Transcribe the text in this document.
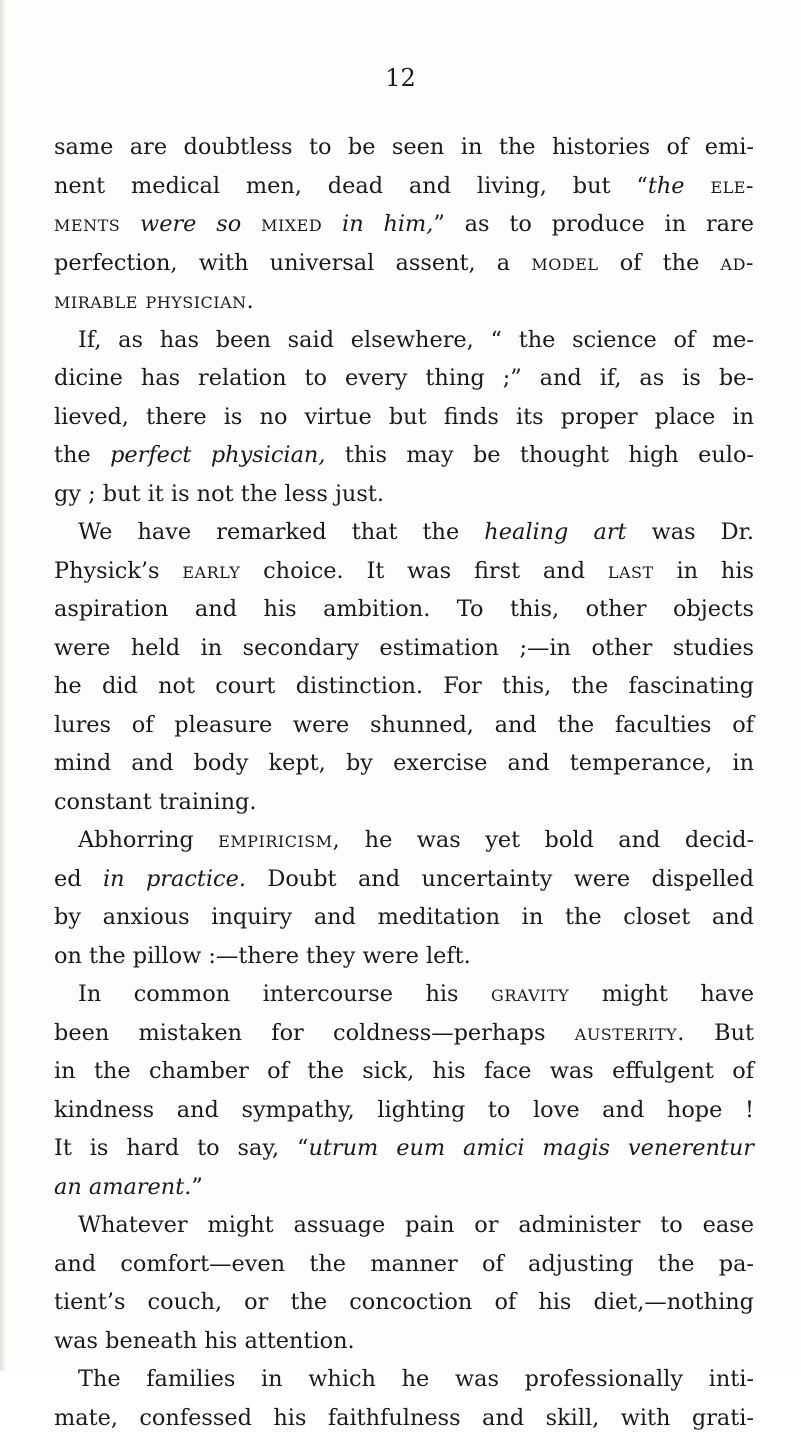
12
same are doubtless to be seen in the histories of emi-
nent medical men, dead and living, but “the ele-
ments were so mixed in him,” as to produce in rare
perfection, with universal assent, a model of the ad-
mirable physician.
If, as has been said elsewhere, “ the science of me-
dicine has relation to every thing ;” and if, as is be-
lieved, there is no virtue but finds its proper place in
the perfect physician, this may be thought high eulo-
gy ; but it is not the less just.
We have remarked that the healing art was Dr.
Physick’s early choice. It was first and last in his
aspiration and his ambition. To this, other objects
were held in secondary estimation ;—in other studies
he did not court distinction. For this, the fascinating
lures of pleasure were shunned, and the faculties of
mind and body kept, by exercise and temperance, in
constant training.
Abhorring empiricism, he was yet bold and decid-
ed in practice. Doubt and uncertainty were dispelled
by anxious inquiry and meditation in the closet and
on the pillow :—there they were left.
In common intercourse his gravity might have
been mistaken for coldness—perhaps austerity. But
in the chamber of the sick, his face was effulgent of
kindness and sympathy, lighting to love and hope !
It is hard to say, “utrum eum amici magis venerentur
an amarent.”
Whatever might assuage pain or administer to ease
and comfort—even the manner of adjusting the pa-
tient’s couch, or the concoction of his diet,—nothing
was beneath his attention.
The families in which he was professionally inti-
mate, confessed his faithfulness and skill, with grati-
